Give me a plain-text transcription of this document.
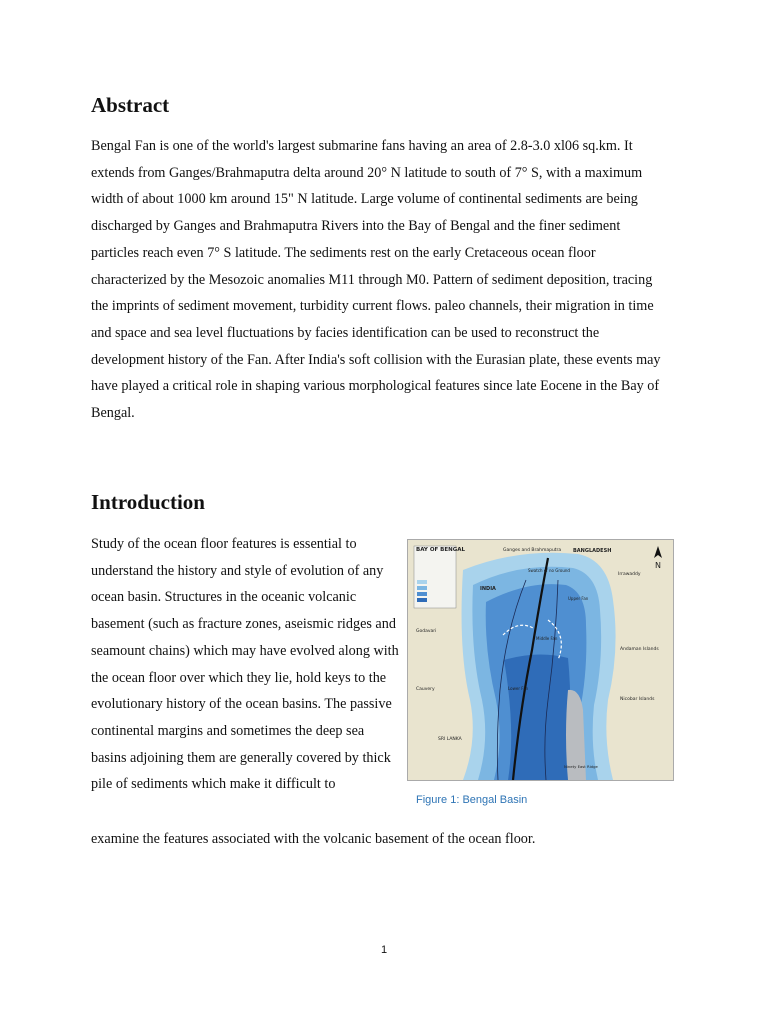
Abstract

Bengal Fan is one of the world's largest submarine fans having an area of 2.8-3.0 xl06 sq.km. It extends from Ganges/Brahmaputra delta around 20° N latitude to south of 7° S, with a maximum width of about 1000 km around 15" N latitude. Large volume of continental sediments are being discharged by Ganges and Brahmaputra Rivers into the Bay of Bengal and the finer sediment particles reach even 7° S latitude. The sediments rest on the early Cretaceous ocean floor characterized by the Mesozoic anomalies M11 through M0. Pattern of sediment deposition, tracing the imprints of sediment movement, turbidity current flows. paleo channels, their migration in time and space and sea level fluctuations by facies identification can be used to reconstruct the development history of the Fan. After India's soft collision with the Eurasian plate, these events may have played a critical role in shaping various morphological features since late Eocene in the Bay of Bengal.

Introduction

Study of the ocean floor features is essential to understand the history and style of evolution of any ocean basin. Structures in the oceanic volcanic basement (such as fracture zones, aseismic ridges and seamount chains) which may have evolved along with the ocean floor over which they lie, hold keys to the evolutionary history of the ocean basins. The passive continental margins and sometimes the deep sea basins adjoining them are generally covered by thick pile of sediments which make it difficult to

examine the features associated with the volcanic basement of the ocean floor.

N
BAY OF BENGAL	BANGLADESH
Ganges and Brahmaputra
INDIA
Swatch of no Ground
Irrawaddy
Andaman Islands
Nicobar Islands
Godavari
Cauvery
SRI LANKA
Middle Fan
Upper Fan
Lower Fan
Ninety East Ridge

Figure 1: Bengal Basin

1
